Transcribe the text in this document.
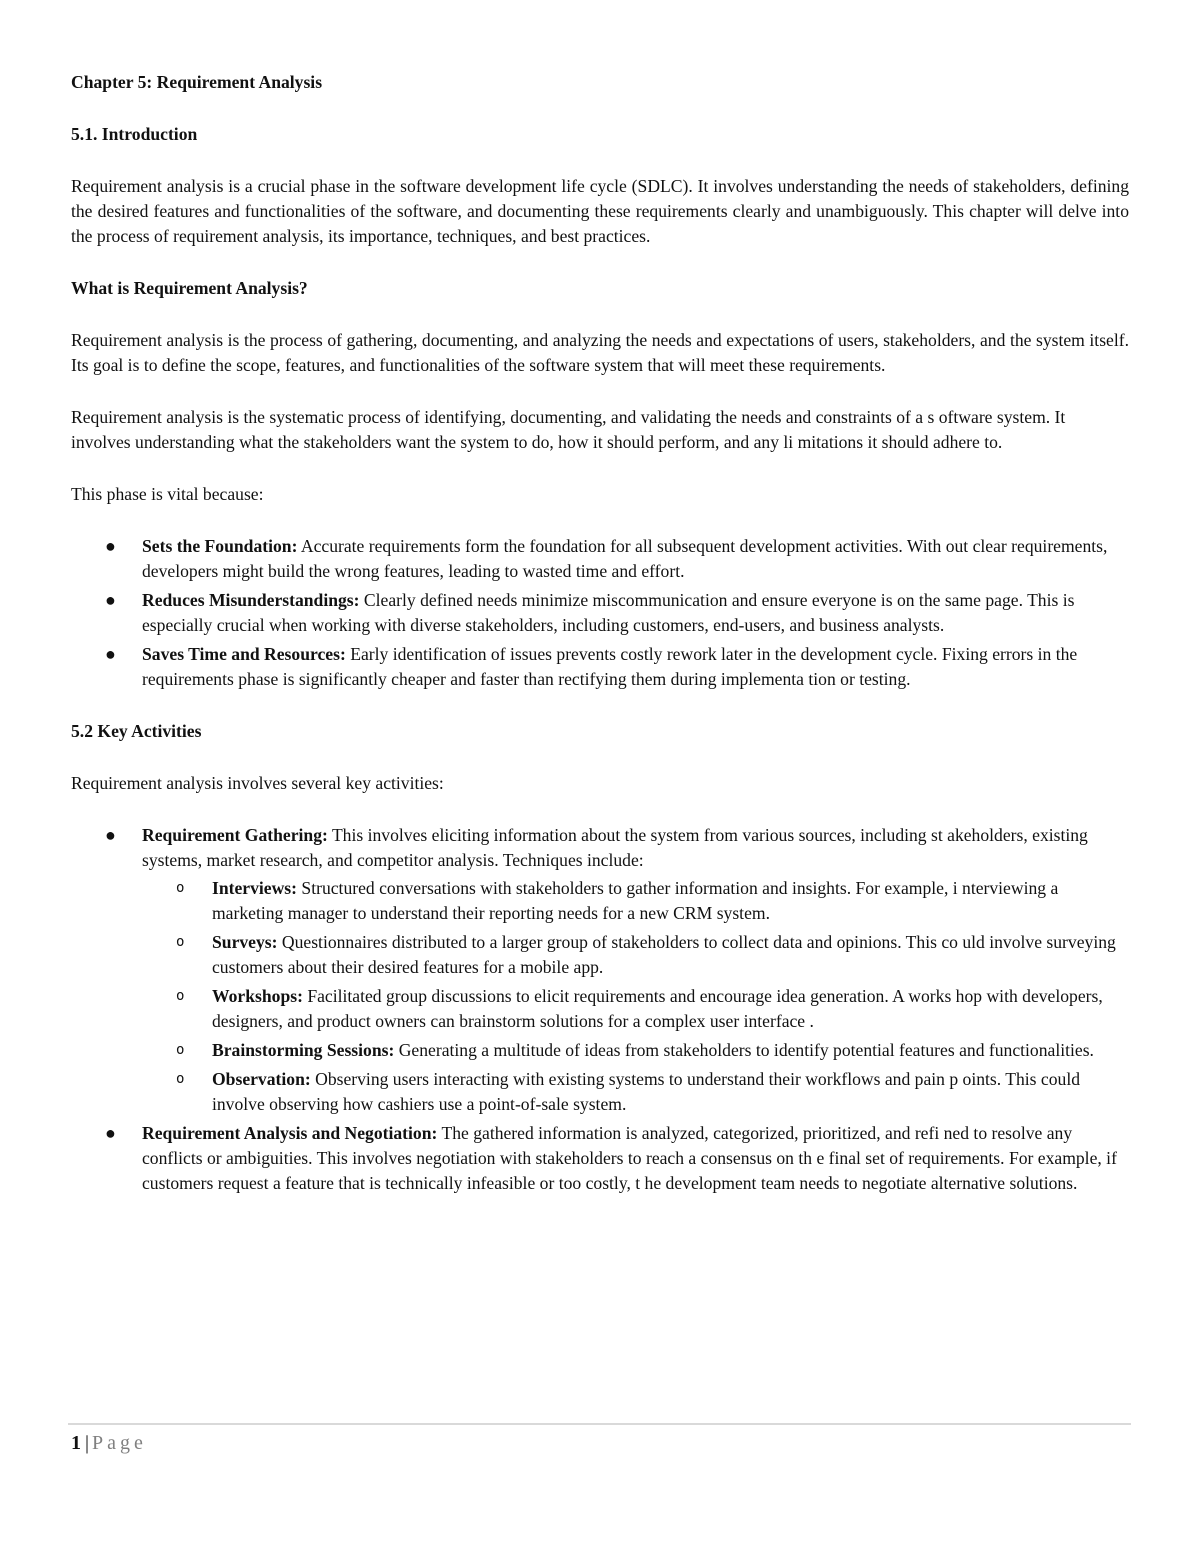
Chapter 5: Requirement Analysis
5.1. Introduction

Requirement analysis is a crucial phase in the software development life cycle (SDLC). It involves understanding the needs of stakeholders, defining the desired features and functionalities of the software, and documenting these requirements clearly and unambiguously. This chapter will delve into the process of requirement analysis, its importance, techniques, and best practices.

What is Requirement Analysis?

Requirement analysis is the process of gathering, documenting, and analyzing the needs and expectations of users, stakeholders, and the system itself. Its goal is to define the scope, features, and functionalities of the software system that will meet these requirements.

Requirement analysis is the systematic process of identifying, documenting, and validating the needs and constraints of a s oftware system. It involves understanding what the stakeholders want the system to do, how it should perform, and any li mitations it should adhere to.

This phase is vital because:

● Sets the Foundation: Accurate requirements form the foundation for all subsequent development activities. With out clear requirements, developers might build the wrong features, leading to wasted time and effort.
● Reduces Misunderstandings: Clearly defined needs minimize miscommunication and ensure everyone is on the same page. This is especially crucial when working with diverse stakeholders, including customers, end-users, and business analysts.
● Saves Time and Resources: Early identification of issues prevents costly rework later in the development cycle. Fixing errors in the requirements phase is significantly cheaper and faster than rectifying them during implementa tion or testing.
5.2 Key Activities

Requirement analysis involves several key activities:

● Requirement Gathering: This involves eliciting information about the system from various sources, including st akeholders, existing systems, market research, and competitor analysis. Techniques include:
o Interviews: Structured conversations with stakeholders to gather information and insights. For example, i nterviewing a marketing manager to understand their reporting needs for a new CRM system.
o Surveys: Questionnaires distributed to a larger group of stakeholders to collect data and opinions. This co uld involve surveying customers about their desired features for a mobile app.
o Workshops: Facilitated group discussions to elicit requirements and encourage idea generation. A works hop with developers, designers, and product owners can brainstorm solutions for a complex user interface .
o Brainstorming Sessions: Generating a multitude of ideas from stakeholders to identify potential features and functionalities.
o Observation: Observing users interacting with existing systems to understand their workflows and pain p oints. This could involve observing how cashiers use a point-of-sale system.
● Requirement Analysis and Negotiation: The gathered information is analyzed, categorized, prioritized, and refi ned to resolve any conflicts or ambiguities. This involves negotiation with stakeholders to reach a consensus on th e final set of requirements. For example, if customers request a feature that is technically infeasible or too costly, t he development team needs to negotiate alternative solutions.
1 | Page
